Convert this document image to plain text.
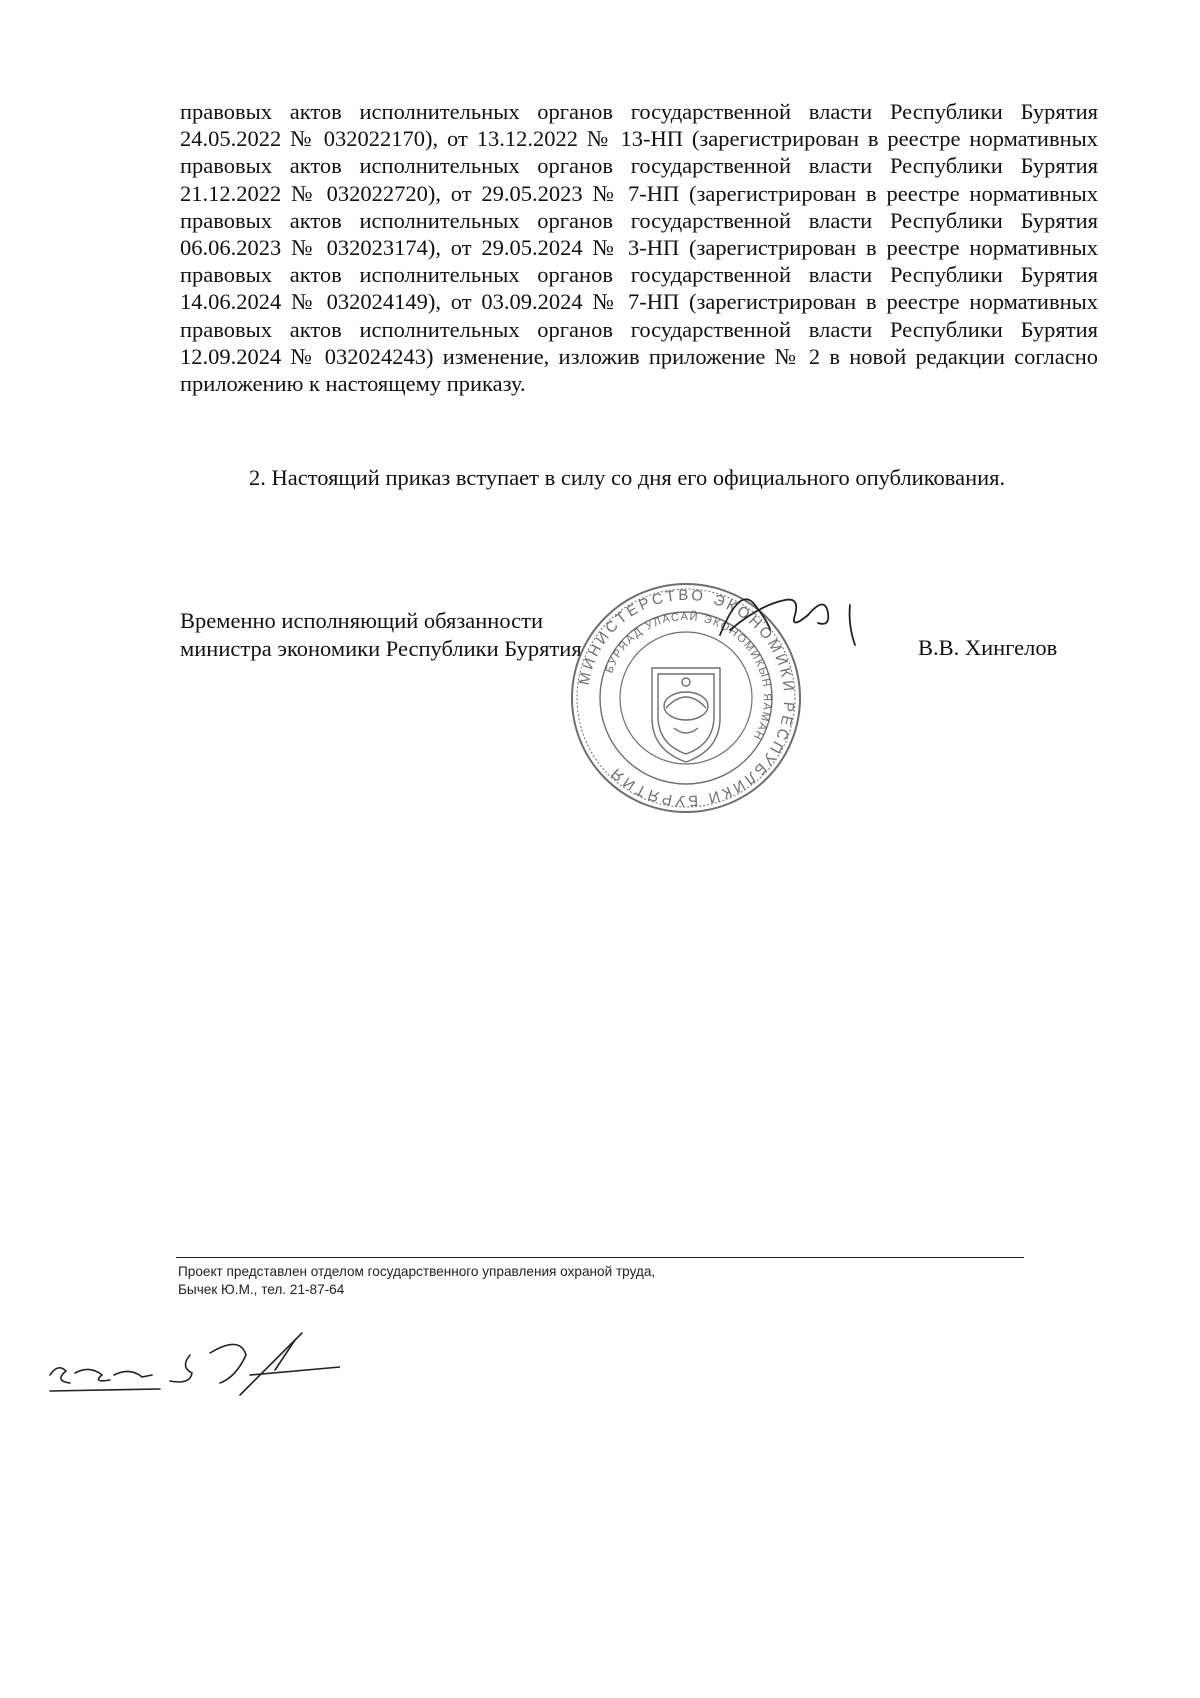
правовых актов исполнительных органов государственной власти Республики Бурятия 24.05.2022 № 032022170), от 13.12.2022 № 13-НП (зарегистрирован в реестре нормативных правовых актов исполнительных органов государственной власти Республики Бурятия 21.12.2022 № 032022720), от 29.05.2023 № 7-НП (зарегистрирован в реестре нормативных правовых актов исполнительных органов государственной власти Республики Бурятия 06.06.2023 № 032023174), от 29.05.2024 № 3-НП (зарегистрирован в реестре нормативных правовых актов исполнительных органов государственной власти Республики Бурятия 14.06.2024 № 032024149), от 03.09.2024 № 7-НП (зарегистрирован в реестре нормативных правовых актов исполнительных органов государственной власти Республики Бурятия 12.09.2024 № 032024243) изменение, изложив приложение № 2 в новой редакции согласно приложению к настоящему приказу.

2. Настоящий приказ вступает в силу со дня его официального опубликования.

Временно исполняющий обязанности
министра экономики Республики Бурятия	В.В. Хингелов
МИНИСТЕРСТВО ЭКОНОМИКИ РЕСПУБЛИКИ БУРЯТИЯ
БУРЯАД УЛАСАЙ ЭКОНОМИКЫН ЯАМАН
Проект представлен отделом государственного управления охраной труда,
Бычек Ю.М., тел. 21-87-64
